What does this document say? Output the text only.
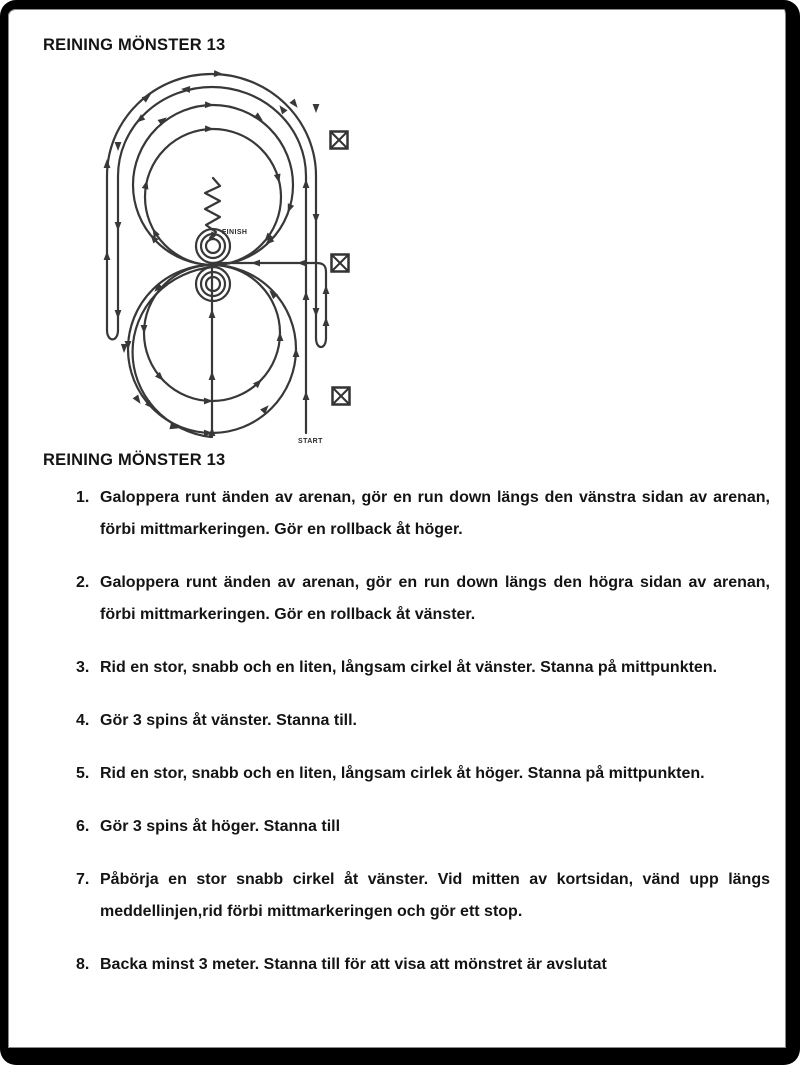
REINING MÖNSTER 13
FINISH
START
REINING MÖNSTER 13
1. Galoppera runt änden av arenan, gör en run down längs den vänstra sidan av arenan, förbi mittmarkeringen. Gör en rollback åt höger.

2. Galoppera runt änden av arenan, gör en run down längs den högra sidan av arenan, förbi mittmarkeringen. Gör en rollback åt vänster.

3. Rid en stor, snabb och en liten, långsam cirkel åt vänster. Stanna på mittpunkten.

4. Gör 3 spins åt vänster. Stanna till.

5. Rid en stor, snabb och en liten, långsam cirlek åt höger. Stanna på mittpunkten.

6. Gör 3 spins åt höger. Stanna till

7. Påbörja en stor snabb cirkel åt vänster. Vid mitten av kortsidan, vänd upp längs meddellinjen,rid förbi mittmarkeringen och gör ett stop.

8. Backa minst 3 meter. Stanna till för att visa att mönstret är avslutat
